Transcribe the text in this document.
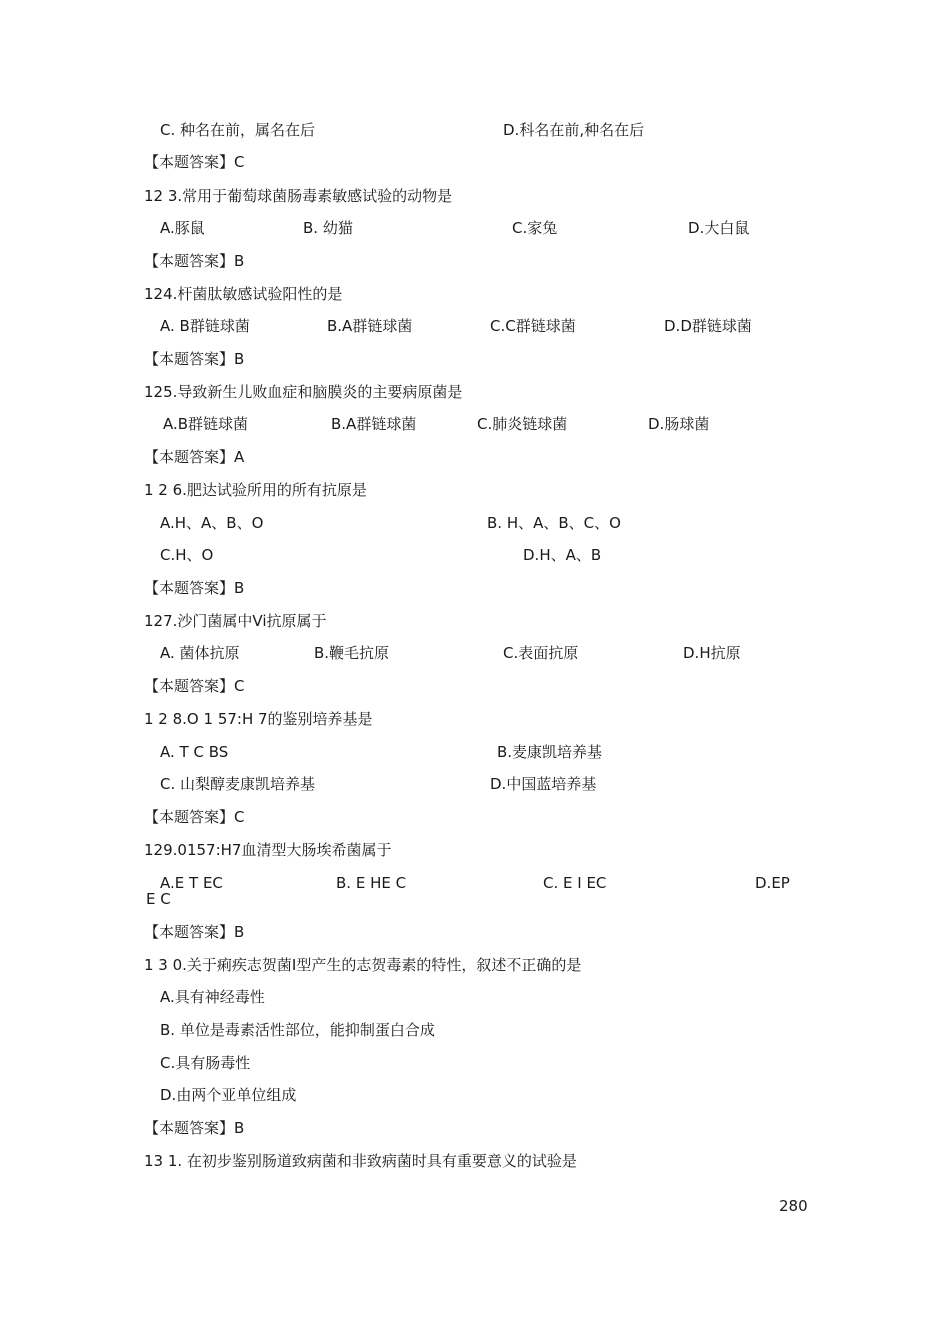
C. 种名在前，属名在后	D.科名在前,种名在后
【本题答案】C
12 3.常用于葡萄球菌肠毒素敏感试验的动物是
A.豚鼠	B. 幼猫	C.家兔	D.大白鼠
【本题答案】B
124.杆菌肽敏感试验阳性的是
A. B群链球菌	B.A群链球菌	C.C群链球菌	D.D群链球菌
【本题答案】B
125.导致新生儿败血症和脑膜炎的主要病原菌是
A.B群链球菌	B.A群链球菌	C.肺炎链球菌	D.肠球菌
【本题答案】A
1 2 6.肥达试验所用的所有抗原是
A.H、A、B、O	B. H、A、B、C、O
C.H、O	D.H、A、B
【本题答案】B
127.沙门菌属中Vi抗原属于
A. 菌体抗原	B.鞭毛抗原	C.表面抗原	D.H抗原
【本题答案】C
1 2 8.O 1 57:H 7的鉴别培养基是
A. T C BS	B.麦康凯培养基
C. 山梨醇麦康凯培养基	D.中国蓝培养基
【本题答案】C
129.0157:H7血清型大肠埃希菌属于
A.E T EC	B. E HE C	C. E I EC	D.EP
E C
【本题答案】B
1 3 0.关于痢疾志贺菌Ⅰ型产生的志贺毒素的特性，叙述不正确的是
A.具有神经毒性
B. 单位是毒素活性部位，能抑制蛋白合成
C.具有肠毒性
D.由两个亚单位组成
【本题答案】B
13 1. 在初步鉴别肠道致病菌和非致病菌时具有重要意义的试验是
280
